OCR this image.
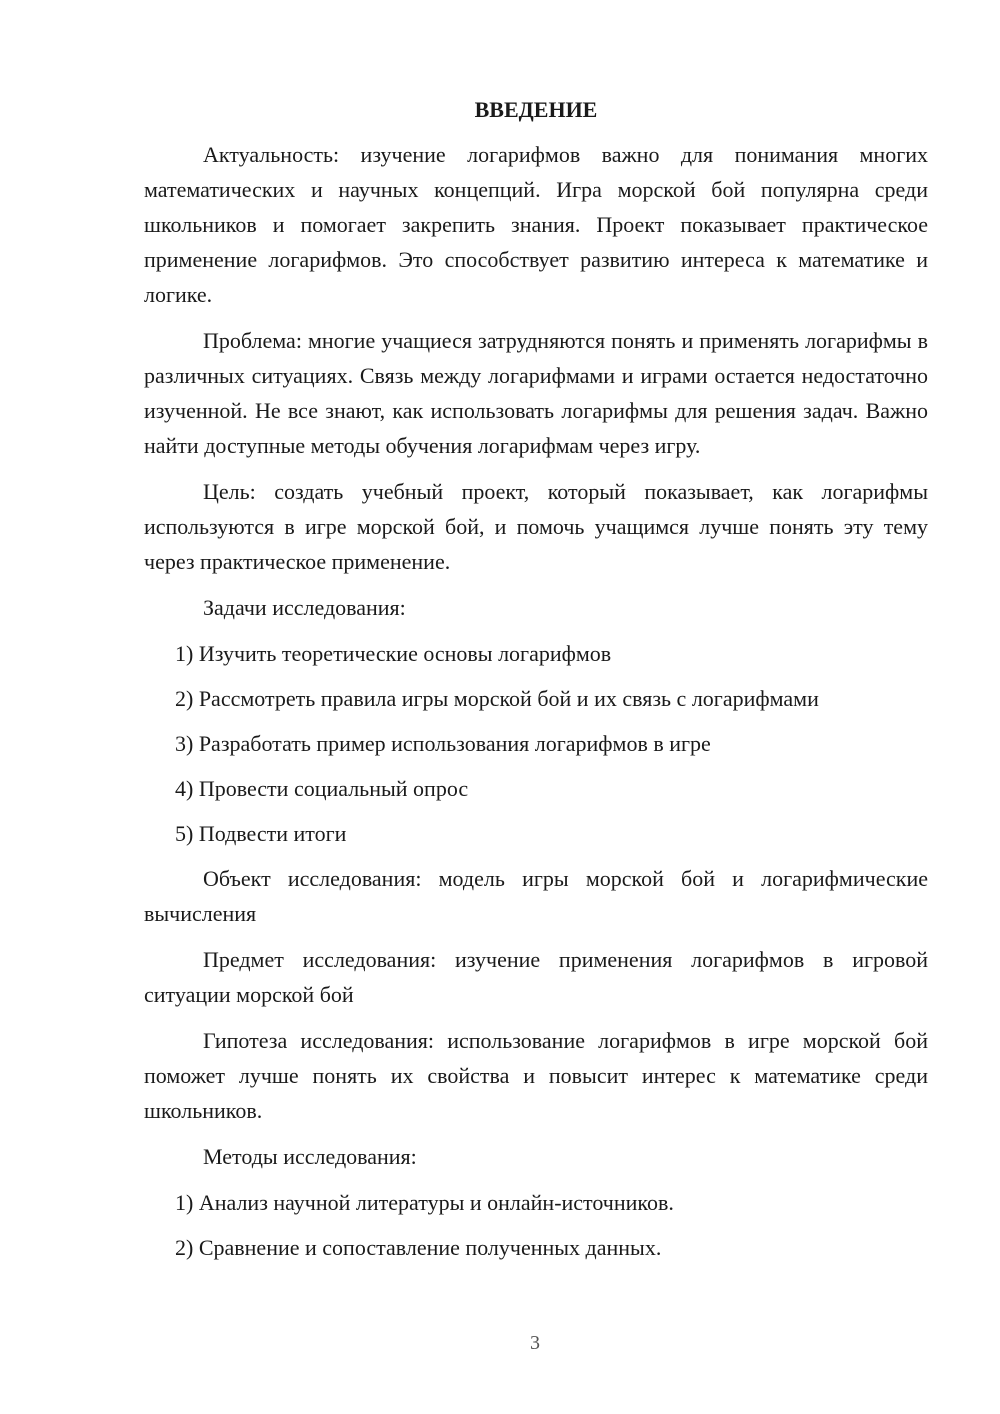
ВВЕДЕНИЕ

Актуальность: изучение логарифмов важно для понимания многих математических и научных концепций. Игра морской бой популярна среди школьников и помогает закрепить знания. Проект показывает практическое применение логарифмов. Это способствует развитию интереса к математике и логике.

Проблема: многие учащиеся затрудняются понять и применять логарифмы в различных ситуациях. Связь между логарифмами и играми остается недостаточно изученной. Не все знают, как использовать логарифмы для решения задач. Важно найти доступные методы обучения логарифмам через игру.

Цель: создать учебный проект, который показывает, как логарифмы используются в игре морской бой, и помочь учащимся лучше понять эту тему через практическое применение.

Задачи исследования:
1) Изучить теоретические основы логарифмов
2) Рассмотреть правила игры морской бой и их связь с логарифмами
3) Разработать пример использования логарифмов в игре
4) Провести социальный опрос
5) Подвести итоги

Объект исследования: модель игры морской бой и логарифмические вычисления

Предмет исследования: изучение применения логарифмов в игровой ситуации морской бой

Гипотеза исследования: использование логарифмов в игре морской бой поможет лучше понять их свойства и повысит интерес к математике среди школьников.

Методы исследования:
1) Анализ научной литературы и онлайн-источников.
2) Сравнение и сопоставление полученных данных.
3
